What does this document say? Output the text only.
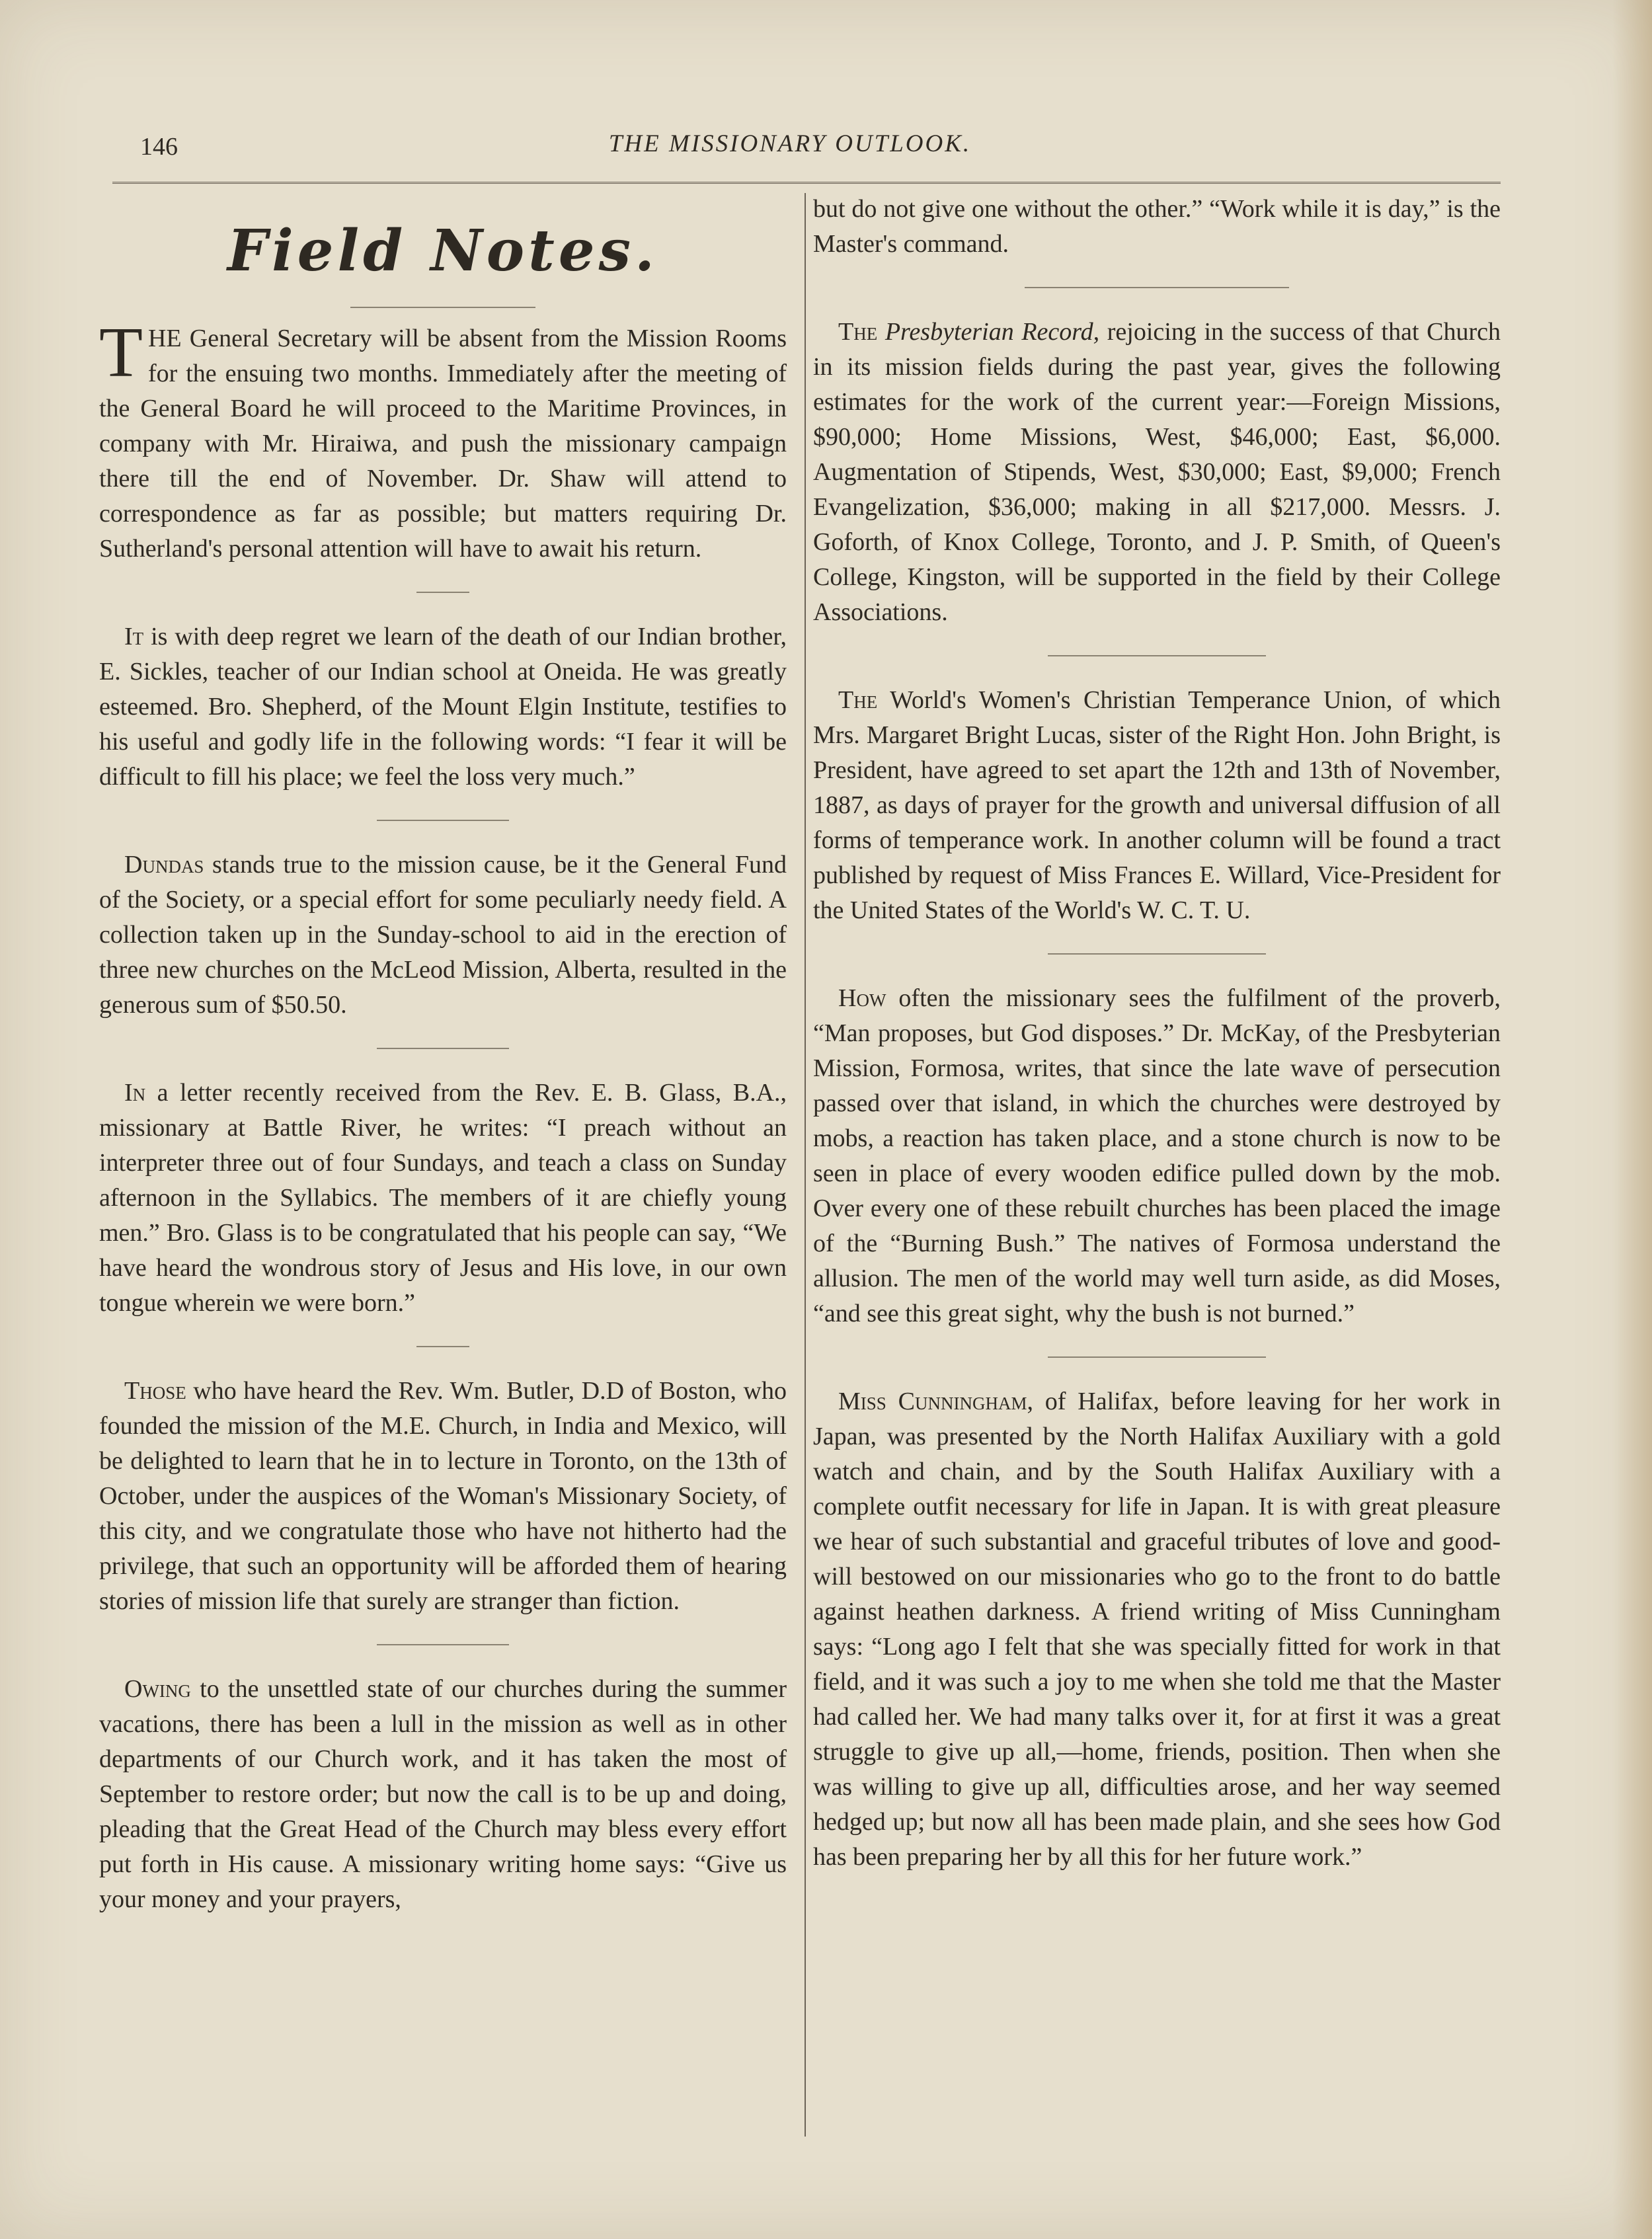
146	THE MISSIONARY OUTLOOK.
Field Notes.

THE General Secretary will be absent from the Mission Rooms for the ensuing two months. Immediately after the meeting of the General Board he will proceed to the Maritime Provinces, in company with Mr. Hiraiwa, and push the missionary campaign there till the end of November. Dr. Shaw will attend to correspondence as far as possible; but matters requiring Dr. Sutherland's personal attention will have to await his return.

It is with deep regret we learn of the death of our Indian brother, E. Sickles, teacher of our Indian school at Oneida. He was greatly esteemed. Bro. Shepherd, of the Mount Elgin Institute, testifies to his useful and godly life in the following words: “I fear it will be difficult to fill his place; we feel the loss very much.”

Dundas stands true to the mission cause, be it the General Fund of the Society, or a special effort for some peculiarly needy field. A collection taken up in the Sunday-school to aid in the erection of three new churches on the McLeod Mission, Alberta, resulted in the generous sum of $50.50.

In a letter recently received from the Rev. E. B. Glass, B.A., missionary at Battle River, he writes: “I preach without an interpreter three out of four Sundays, and teach a class on Sunday afternoon in the Syllabics. The members of it are chiefly young men.” Bro. Glass is to be congratulated that his people can say, “We have heard the wondrous story of Jesus and His love, in our own tongue wherein we were born.”

Those who have heard the Rev. Wm. Butler, D.D of Boston, who founded the mission of the M.E. Church, in India and Mexico, will be delighted to learn that he in to lecture in Toronto, on the 13th of October, under the auspices of the Woman's Missionary Society, of this city, and we congratulate those who have not hitherto had the privilege, that such an opportunity will be afforded them of hearing stories of mission life that surely are stranger than fiction.

Owing to the unsettled state of our churches during the summer vacations, there has been a lull in the mission as well as in other departments of our Church work, and it has taken the most of September to restore order; but now the call is to be up and doing, pleading that the Great Head of the Church may bless every effort put forth in His cause. A missionary writing home says: “Give us your money and your prayers,

but do not give one without the other.” “Work while it is day,” is the Master's command.

The Presbyterian Record, rejoicing in the success of that Church in its mission fields during the past year, gives the following estimates for the work of the current year:—Foreign Missions, $90,000; Home Missions, West, $46,000; East, $6,000. Augmentation of Stipends, West, $30,000; East, $9,000; French Evangelization, $36,000; making in all $217,000. Messrs. J. Goforth, of Knox College, Toronto, and J. P. Smith, of Queen's College, Kingston, will be supported in the field by their College Associations.

The World's Women's Christian Temperance Union, of which Mrs. Margaret Bright Lucas, sister of the Right Hon. John Bright, is President, have agreed to set apart the 12th and 13th of November, 1887, as days of prayer for the growth and universal diffusion of all forms of temperance work. In another column will be found a tract published by request of Miss Frances E. Willard, Vice-President for the United States of the World's W. C. T. U.

How often the missionary sees the fulfilment of the proverb, “Man proposes, but God disposes.” Dr. McKay, of the Presbyterian Mission, Formosa, writes, that since the late wave of persecution passed over that island, in which the churches were destroyed by mobs, a reaction has taken place, and a stone church is now to be seen in place of every wooden edifice pulled down by the mob. Over every one of these rebuilt churches has been placed the image of the “Burning Bush.” The natives of Formosa understand the allusion. The men of the world may well turn aside, as did Moses, “and see this great sight, why the bush is not burned.”

Miss Cunningham, of Halifax, before leaving for her work in Japan, was presented by the North Halifax Auxiliary with a gold watch and chain, and by the South Halifax Auxiliary with a complete outfit necessary for life in Japan. It is with great pleasure we hear of such substantial and graceful tributes of love and good-will bestowed on our missionaries who go to the front to do battle against heathen darkness. A friend writing of Miss Cunningham says: “Long ago I felt that she was specially fitted for work in that field, and it was such a joy to me when she told me that the Master had called her. We had many talks over it, for at first it was a great struggle to give up all,—home, friends, position. Then when she was willing to give up all, difficulties arose, and her way seemed hedged up; but now all has been made plain, and she sees how God has been preparing her by all this for her future work.”
